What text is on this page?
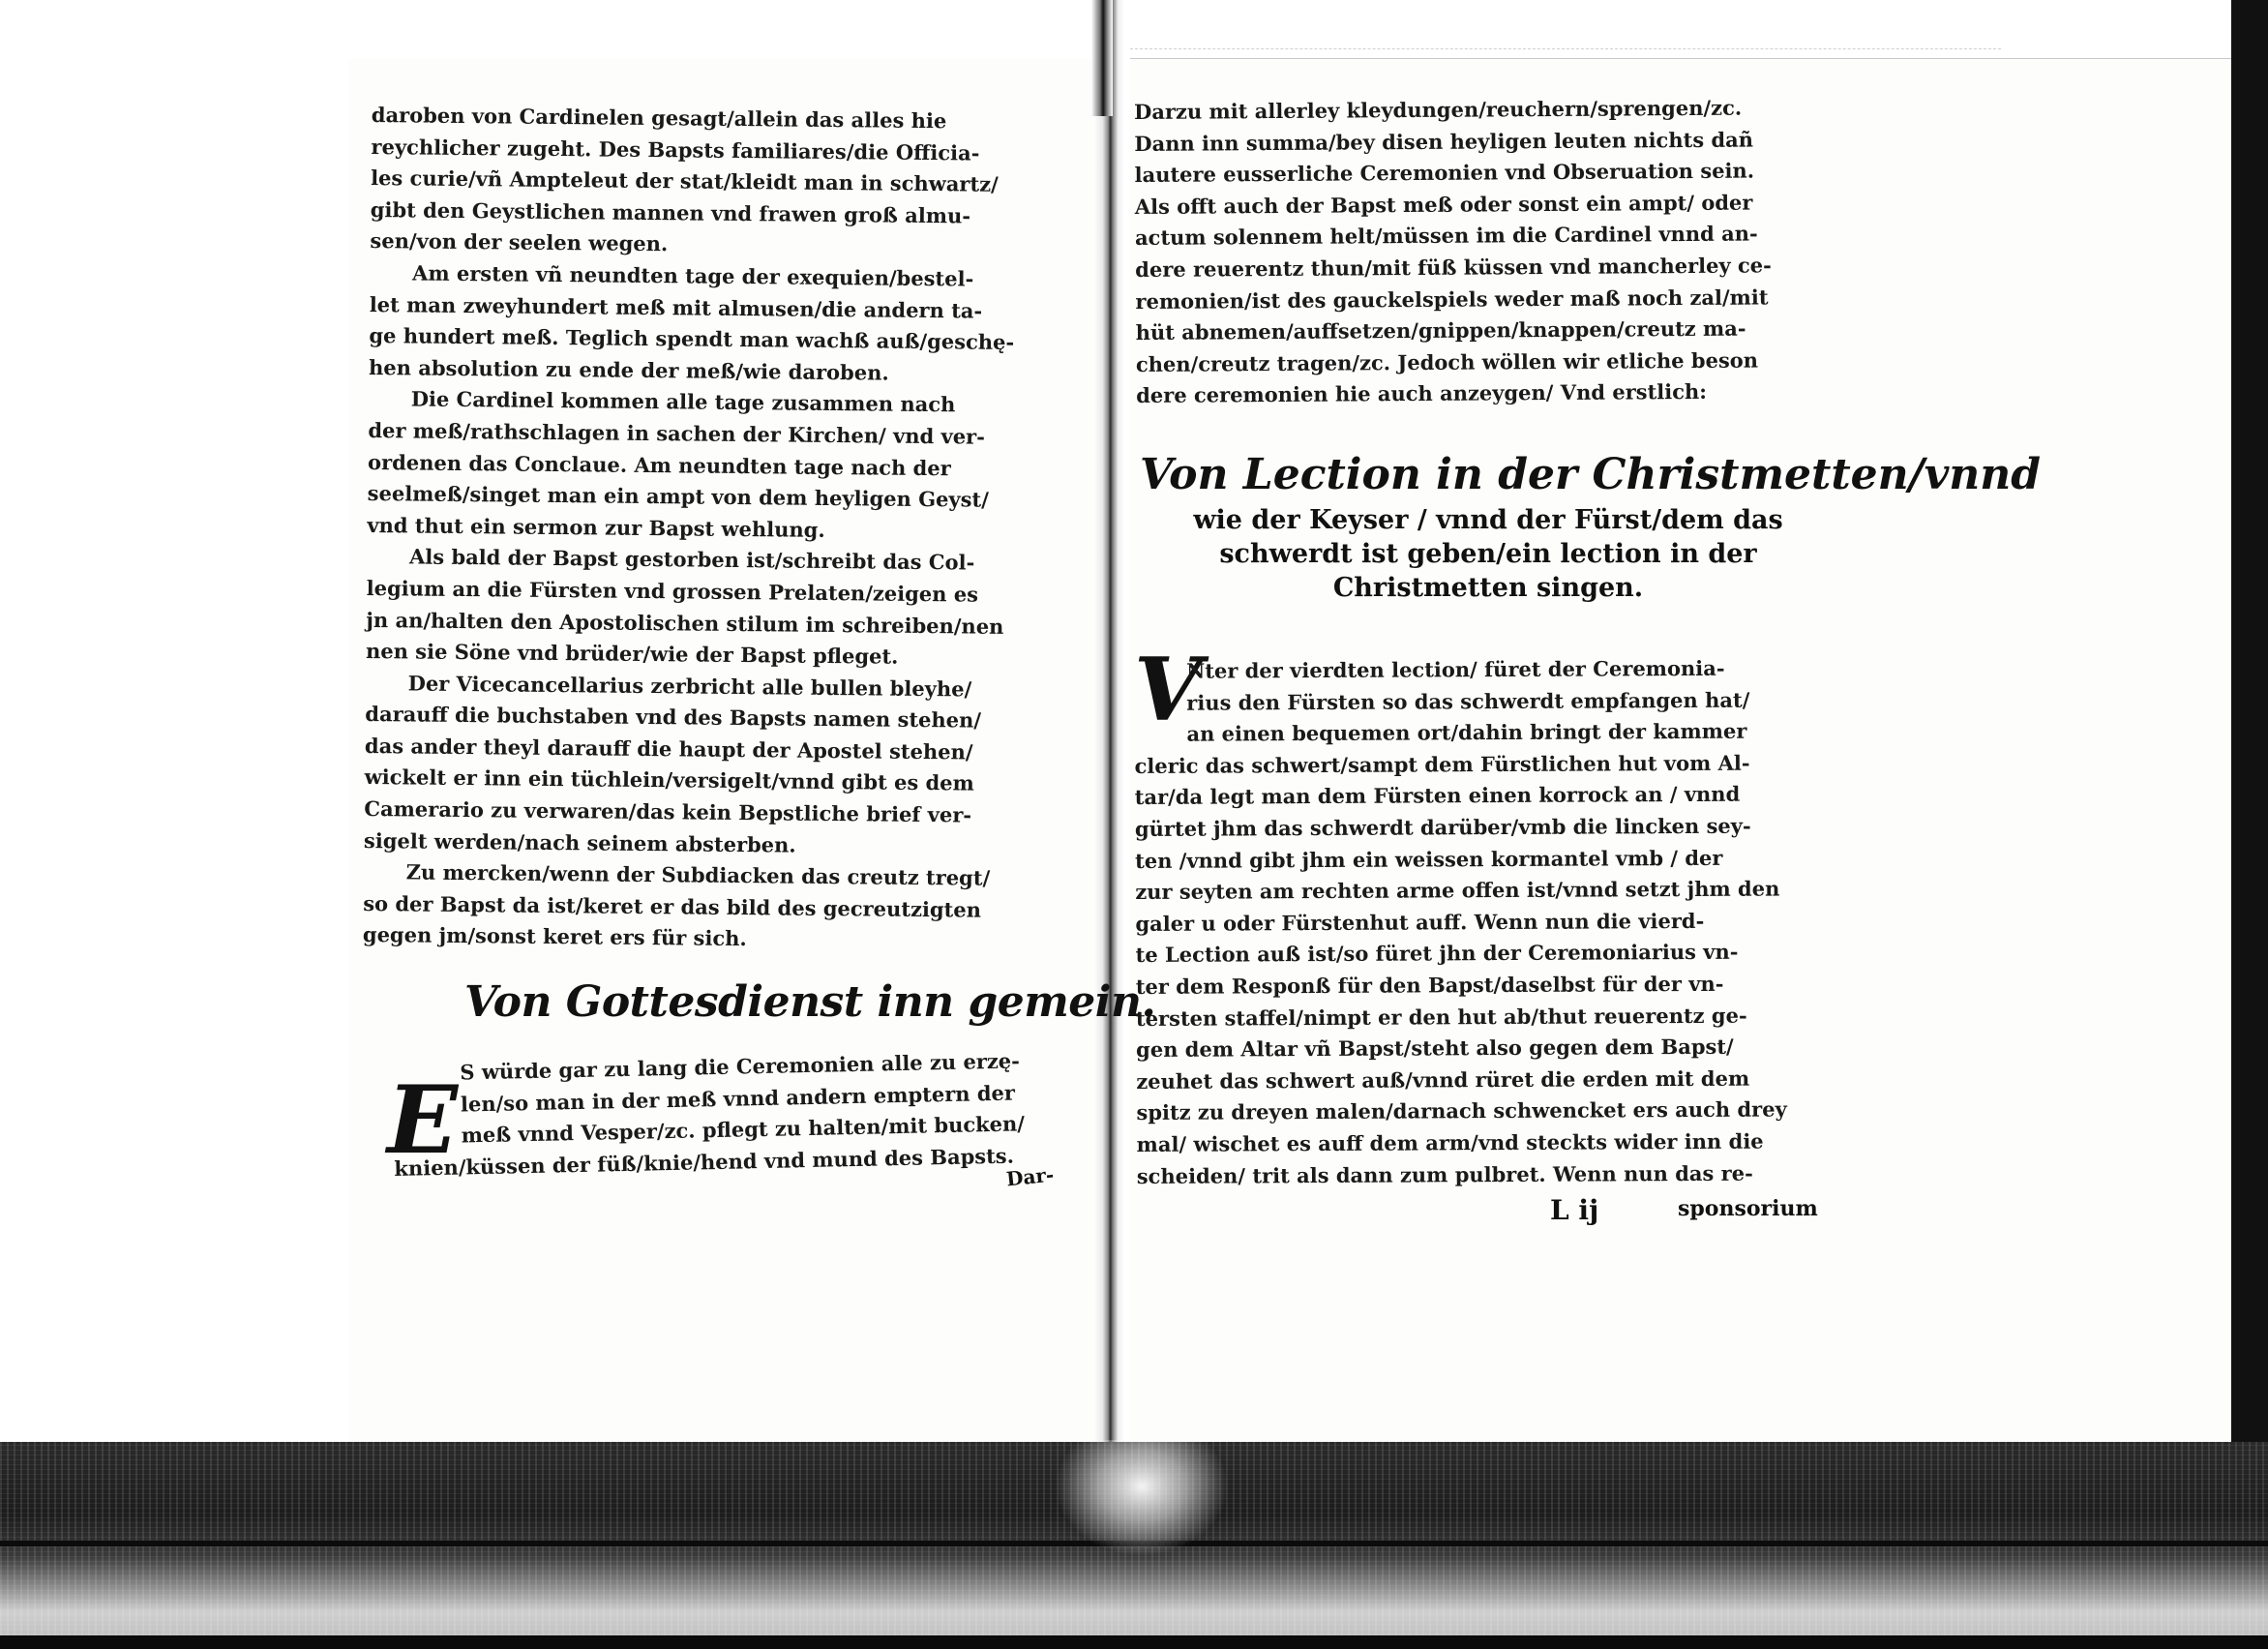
daroben von Cardinelen gesagt/allein das alles hie
reychlicher zugeht. Des Bapsts familiares/die Officia-
les curie/vñ Ampteleut der stat/kleidt man in schwartz/
gibt den Geystlichen mannen vnd frawen groß almu-
sen/von der seelen wegen.
Am ersten vñ neundten tage der exequien/bestel-
let man zweyhundert meß mit almusen/die andern ta-
ge hundert meß. Teglich spendt man wachß auß/geschę-
hen absolution zu ende der meß/wie daroben.
Die Cardinel kommen alle tage zusammen nach
der meß/rathschlagen in sachen der Kirchen/ vnd ver-
ordenen das Conclaue. Am neundten tage nach der
seelmeß/singet man ein ampt von dem heyligen Geyst/
vnd thut ein sermon zur Bapst wehlung.
Als bald der Bapst gestorben ist/schreibt das Col-
legium an die Fürsten vnd grossen Prelaten/zeigen es
jn an/halten den Apostolischen stilum im schreiben/nen
nen sie Söne vnd brüder/wie der Bapst pfleget.
Der Vicecancellarius zerbricht alle bullen bleyhe/
darauff die buchstaben vnd des Bapsts namen stehen/
das ander theyl darauff die haupt der Apostel stehen/
wickelt er inn ein tüchlein/versigelt/vnnd gibt es dem
Camerario zu verwaren/das kein Bepstliche brief ver-
sigelt werden/nach seinem absterben.
Zu mercken/wenn der Subdiacken das creutz tregt/
so der Bapst da ist/keret er das bild des gecreutzigten
gegen jm/sonst keret ers für sich.
Von Gottesdienst inn gemein.
E S würde gar zu lang die Ceremonien alle zu erzę-
len/so man in der meß vnnd andern emptern der
meß vnnd Vesper/zc. pflegt zu halten/mit bucken/
knien/küssen der füß/knie/hend vnd mund des Bapsts.
Dar-
Darzu mit allerley kleydungen/reuchern/sprengen/zc.
Dann inn summa/bey disen heyligen leuten nichts dañ
lautere eusserliche Ceremonien vnd Obseruation sein.
Als offt auch der Bapst meß oder sonst ein ampt/ oder
actum solennem helt/müssen im die Cardinel vnnd an-
dere reuerentz thun/mit füß küssen vnd mancherley ce-
remonien/ist des gauckelspiels weder maß noch zal/mit
hüt abnemen/auffsetzen/gnippen/knappen/creutz ma-
chen/creutz tragen/zc. Jedoch wöllen wir etliche beson
dere ceremonien hie auch anzeygen/ Vnd erstlich:
Von Lection in der Christmetten/vnnd
wie der Keyser / vnnd der Fürst/dem das
schwerdt ist geben/ein lection in der
Christmetten singen.
V
Nter der vierdten lection/ füret der Ceremonia-
rius den Fürsten so das schwerdt empfangen hat/
an einen bequemen ort/dahin bringt der kammer
cleric das schwert/sampt dem Fürstlichen hut vom Al-
tar/da legt man dem Fürsten einen korrock an / vnnd
gürtet jhm das schwerdt darüber/vmb die lincken sey-
ten /vnnd gibt jhm ein weissen kormantel vmb / der
zur seyten am rechten arme offen ist/vnnd setzt jhm den
galer u oder Fürstenhut auff. Wenn nun die vierd-
te Lection auß ist/so füret jhn der Ceremoniarius vn-
ter dem Responß für den Bapst/daselbst für der vn-
tersten staffel/nimpt er den hut ab/thut reuerentz ge-
gen dem Altar vñ Bapst/steht also gegen dem Bapst/
zeuhet das schwert auß/vnnd rüret die erden mit dem
spitz zu dreyen malen/darnach schwencket ers auch drey
mal/ wischet es auff dem arm/vnd steckts wider inn die
scheiden/ trit als dann zum pulbret. Wenn nun das re-
L ij	sponsorium
